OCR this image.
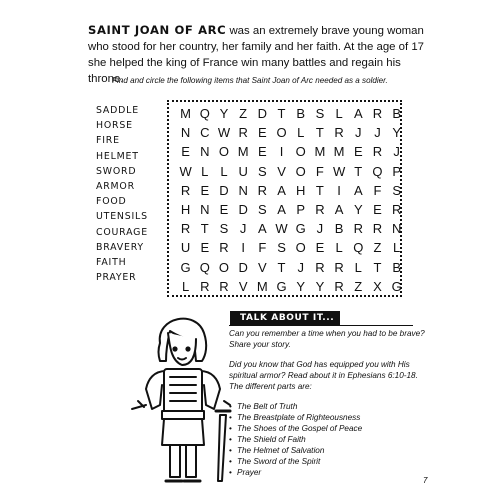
SAINT JOAN OF ARC was an extremely brave young woman who stood for her country, her family and her faith. At the age of 17 she helped the king of France win many battles and regain his throne.
Find and circle the following items that Saint Joan of Arc needed as a soldier.
SADDLE
HORSE
FIRE
HELMET
SWORD
ARMOR
FOOD
UTENSILS
COURAGE
BRAVERY
FAITH
PRAYER
M Q Y Z D T B S L A R B
N C W R E O L T R J J Y
E N O M E	I O M M E R J
W L L U S V O F W T Q P
R E D N R A H T	I	A F S
H N E D S A P R A Y E R
R T S J A W G J B R R N
U E R I	F S O E L Q Z L
G Q O D V T J R R L T B
L R R V M G Y Y R Z X G
TALK ABOUT IT...

Can you remember a time when you had to be brave? Share your story.

Did you know that God has equipped you with His spiritual armor? Read about it in Ephesians 6:10-18. The different parts are:

• The Belt of Truth
• The Breastplate of Righteousness
• The Shoes of the Gospel of Peace
• The Shield of Faith
• The Helmet of Salvation
• The Sword of the Spirit
• Prayer
7
